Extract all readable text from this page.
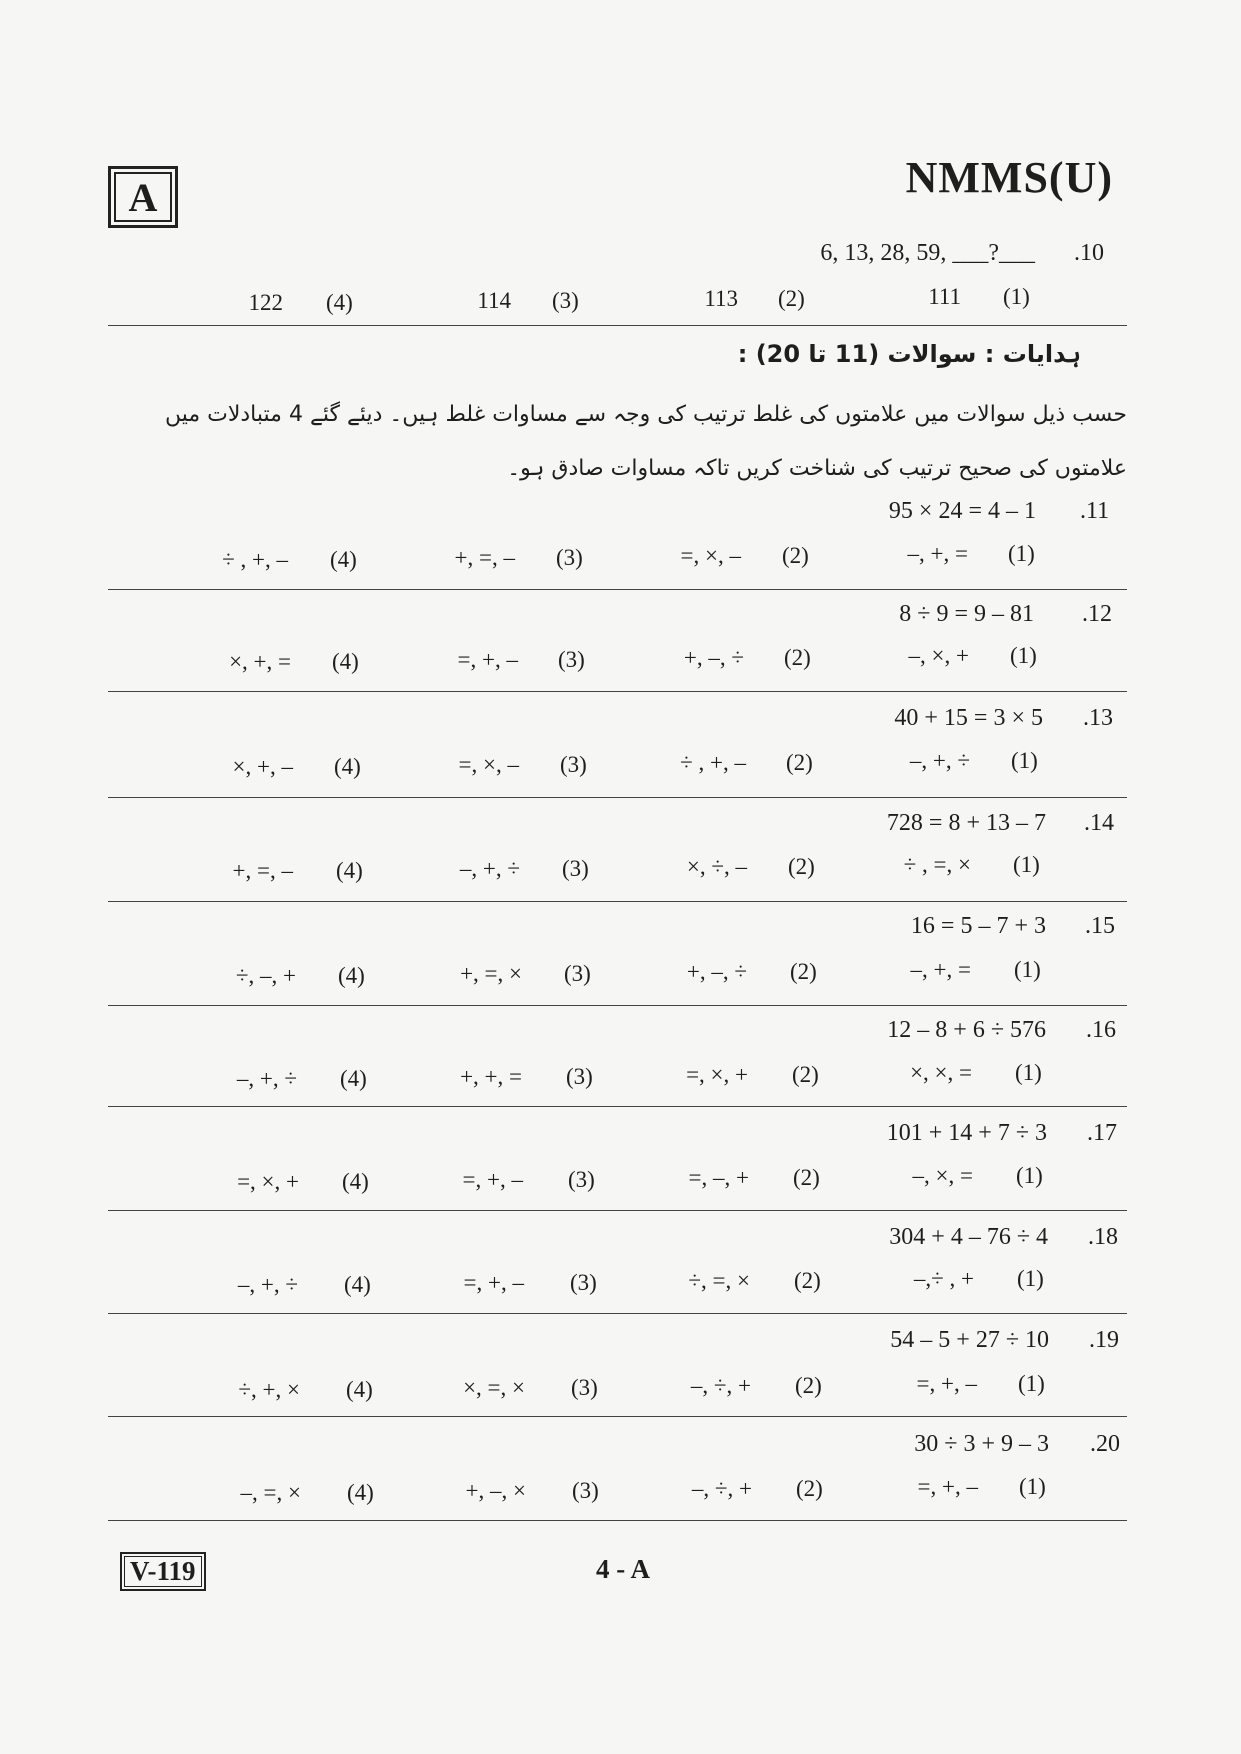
A	NMMS(U)
.10
6, 13, 28, 59, ___?___
(1)
111
(2)
113
(3)
114
(4)
122
ہدایات : سوالات (11 تا 20) :
حسب ذیل سوالات میں علامتوں کی غلط ترتیب کی وجہ سے مساوات غلط ہیں۔ دیئے گئے 4 متبادلات میں علامتوں کی صحیح ترتیب کی شناخت کریں تاکہ مساوات صادق ہو۔
.11
95 × 24 = 4 – 1
(1)
–, +, =
(2)
=, ×, –
(3)
+, =, –
(4)
÷ , +, –
.12
8 ÷ 9 = 9 – 81
(1)
–, ×, +
(2)
+, –, ÷
(3)
=, +, –
(4)
×, +, =
.13
40 + 15 = 3 × 5
(1)
–, +, ÷
(2)
÷ , +, –
(3)
=, ×, –
(4)
×, +, –
.14
728 = 8 + 13 – 7
(1)
÷ , =, ×
(2)
×, ÷, –
(3)
–, +, ÷
(4)
+, =, –
.15
16 = 5 – 7 + 3
(1)
–, +, =
(2)
+, –, ÷
(3)
+, =, ×
(4)
÷, –, +
.16
12 – 8 + 6 ÷ 576
(1)
×, ×, =
(2)
=, ×, +
(3)
+, +, =
(4)
–, +, ÷
.17
101 + 14 + 7 ÷ 3
(1)
–, ×, =
(2)
=, –, +
(3)
=, +, –
(4)
=, ×, +
.18
304 + 4 – 76 ÷ 4
(1)
–,÷ , +
(2)
÷, =, ×
(3)
=, +, –
(4)
–, +, ÷
.19
54 – 5 + 27 ÷ 10
(1)
=, +, –
(2)
–, ÷, +
(3)
×, =, ×
(4)
÷, +, ×
.20
30 ÷ 3 + 9 – 3
(1)
=, +, –
(2)
–, ÷, +
(3)
+, –, ×
(4)
–, =, ×
V-119	4 - A
